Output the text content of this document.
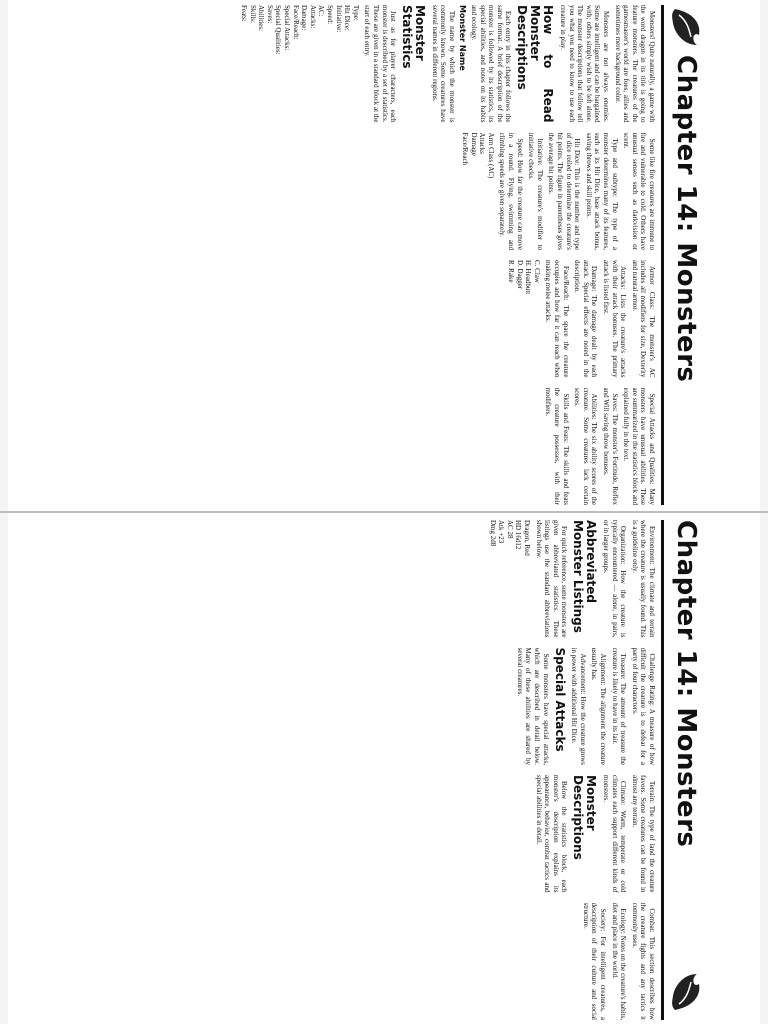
Chapter 14: Monsters

Monsters! Quite naturally, a game with the word dragon in its title is going to feature monsters. The creatures of the gamesmaster's world are foes, allies and sometimes mere background color.

Monsters are not always enemies. Some are intelligent and can be bargained with; others simply wish to be left alone. The monster descriptions that follow tell you what you need to know to use each creature in play.

How to Read Monster Descriptions

Each entry in this chapter follows the same format. A brief description of the monster is followed by its statistics, its special abilities, and notes on its habits and ecology.

Monster Name

The name by which the monster is commonly known. Some creatures have several names in different regions.

Monster Statistics

Just as for player characters, each monster is described by a set of statistics. These are given in a standard block at the start of each entry.

Type:
Hit Dice:
Initiative:
Speed:
AC:
Attacks:
Damage:
Face/Reach:
Special Attacks:
Special Qualities:
Saves:
Abilities:
Skills:
Feats:

Some like fire creatures are immune to fire and vulnerable to cold. Others have unusual senses such as darkvision or scent.

Type and subtype: The type of a monster determines many of its features, such as its Hit Dice, base attack bonus, saving throws and skill points.

Hit Dice: This is the number and type of dice rolled to determine the creature's hit points. The figure in parentheses gives the average hit points.

Initiative: The creature's modifier to initiative checks.

Speed: How far the creature can move in a round. Flying, swimming and climbing speeds are given separately.

Arm Class (AC)
Attacks
Damage
Face/Reach

Armor Class: The monster's AC includes all modifiers for size, Dexterity and natural armor.

Attacks: Lists the creature's attacks with their attack bonuses. The primary attack is listed first.

Damage: The damage dealt by each attack. Special effects are noted in the description.

Face/Reach: The space the creature occupies and how far it can reach when making melee attacks.

C. Claw
H. Headbutt
D. Dagger
R. Rake

Special Attacks and Qualities: Many monsters have unusual abilities. These are summarized in the statistics block and explained fully in the text.

Saves: The monster's Fortitude, Reflex and Will saving throw bonuses.

Abilities: The six ability scores of the creature. Some creatures lack certain scores.

Skills and Feats: The skills and feats the creature possesses, with their modifiers.

Chapter 14: Monsters

Environment: The climate and terrain where the creature is usually found. This is a guideline only.

Organization: How the creature is typically encountered — alone, in pairs, or in larger groups.

Abbreviated Monster Listings

For quick reference, some monsters are given abbreviated statistics. These listings use the standard abbreviations shown below.

Dragon, Red
HD 16d12
AC 28
Atk +23
Dmg 2d8

Challenge Rating: A measure of how difficult the creature is to defeat for a party of four characters.

Treasure: The amount of treasure the creature is likely to have in its lair.

Alignment: The alignment the creature usually has.

Advancement: How the creature grows in power with additional Hit Dice.

Special Attacks

Some monsters have special attacks, which are described in detail below. Many of these abilities are shared by several creatures.

Terrain: The type of land the creature favors. Some creatures can be found in almost any terrain.

Climate: Warm, temperate or cold climates each support different kinds of monsters.

Monster Descriptions

Below the statistics block, each monster's description explains its appearance, behavior, combat tactics and special abilities in detail.

Combat: This section describes how the creature fights and any tactics it commonly uses.

Ecology: Notes on the creature's habits, diet and place in the world.

Society: For intelligent creatures, a description of their culture and social structure.
